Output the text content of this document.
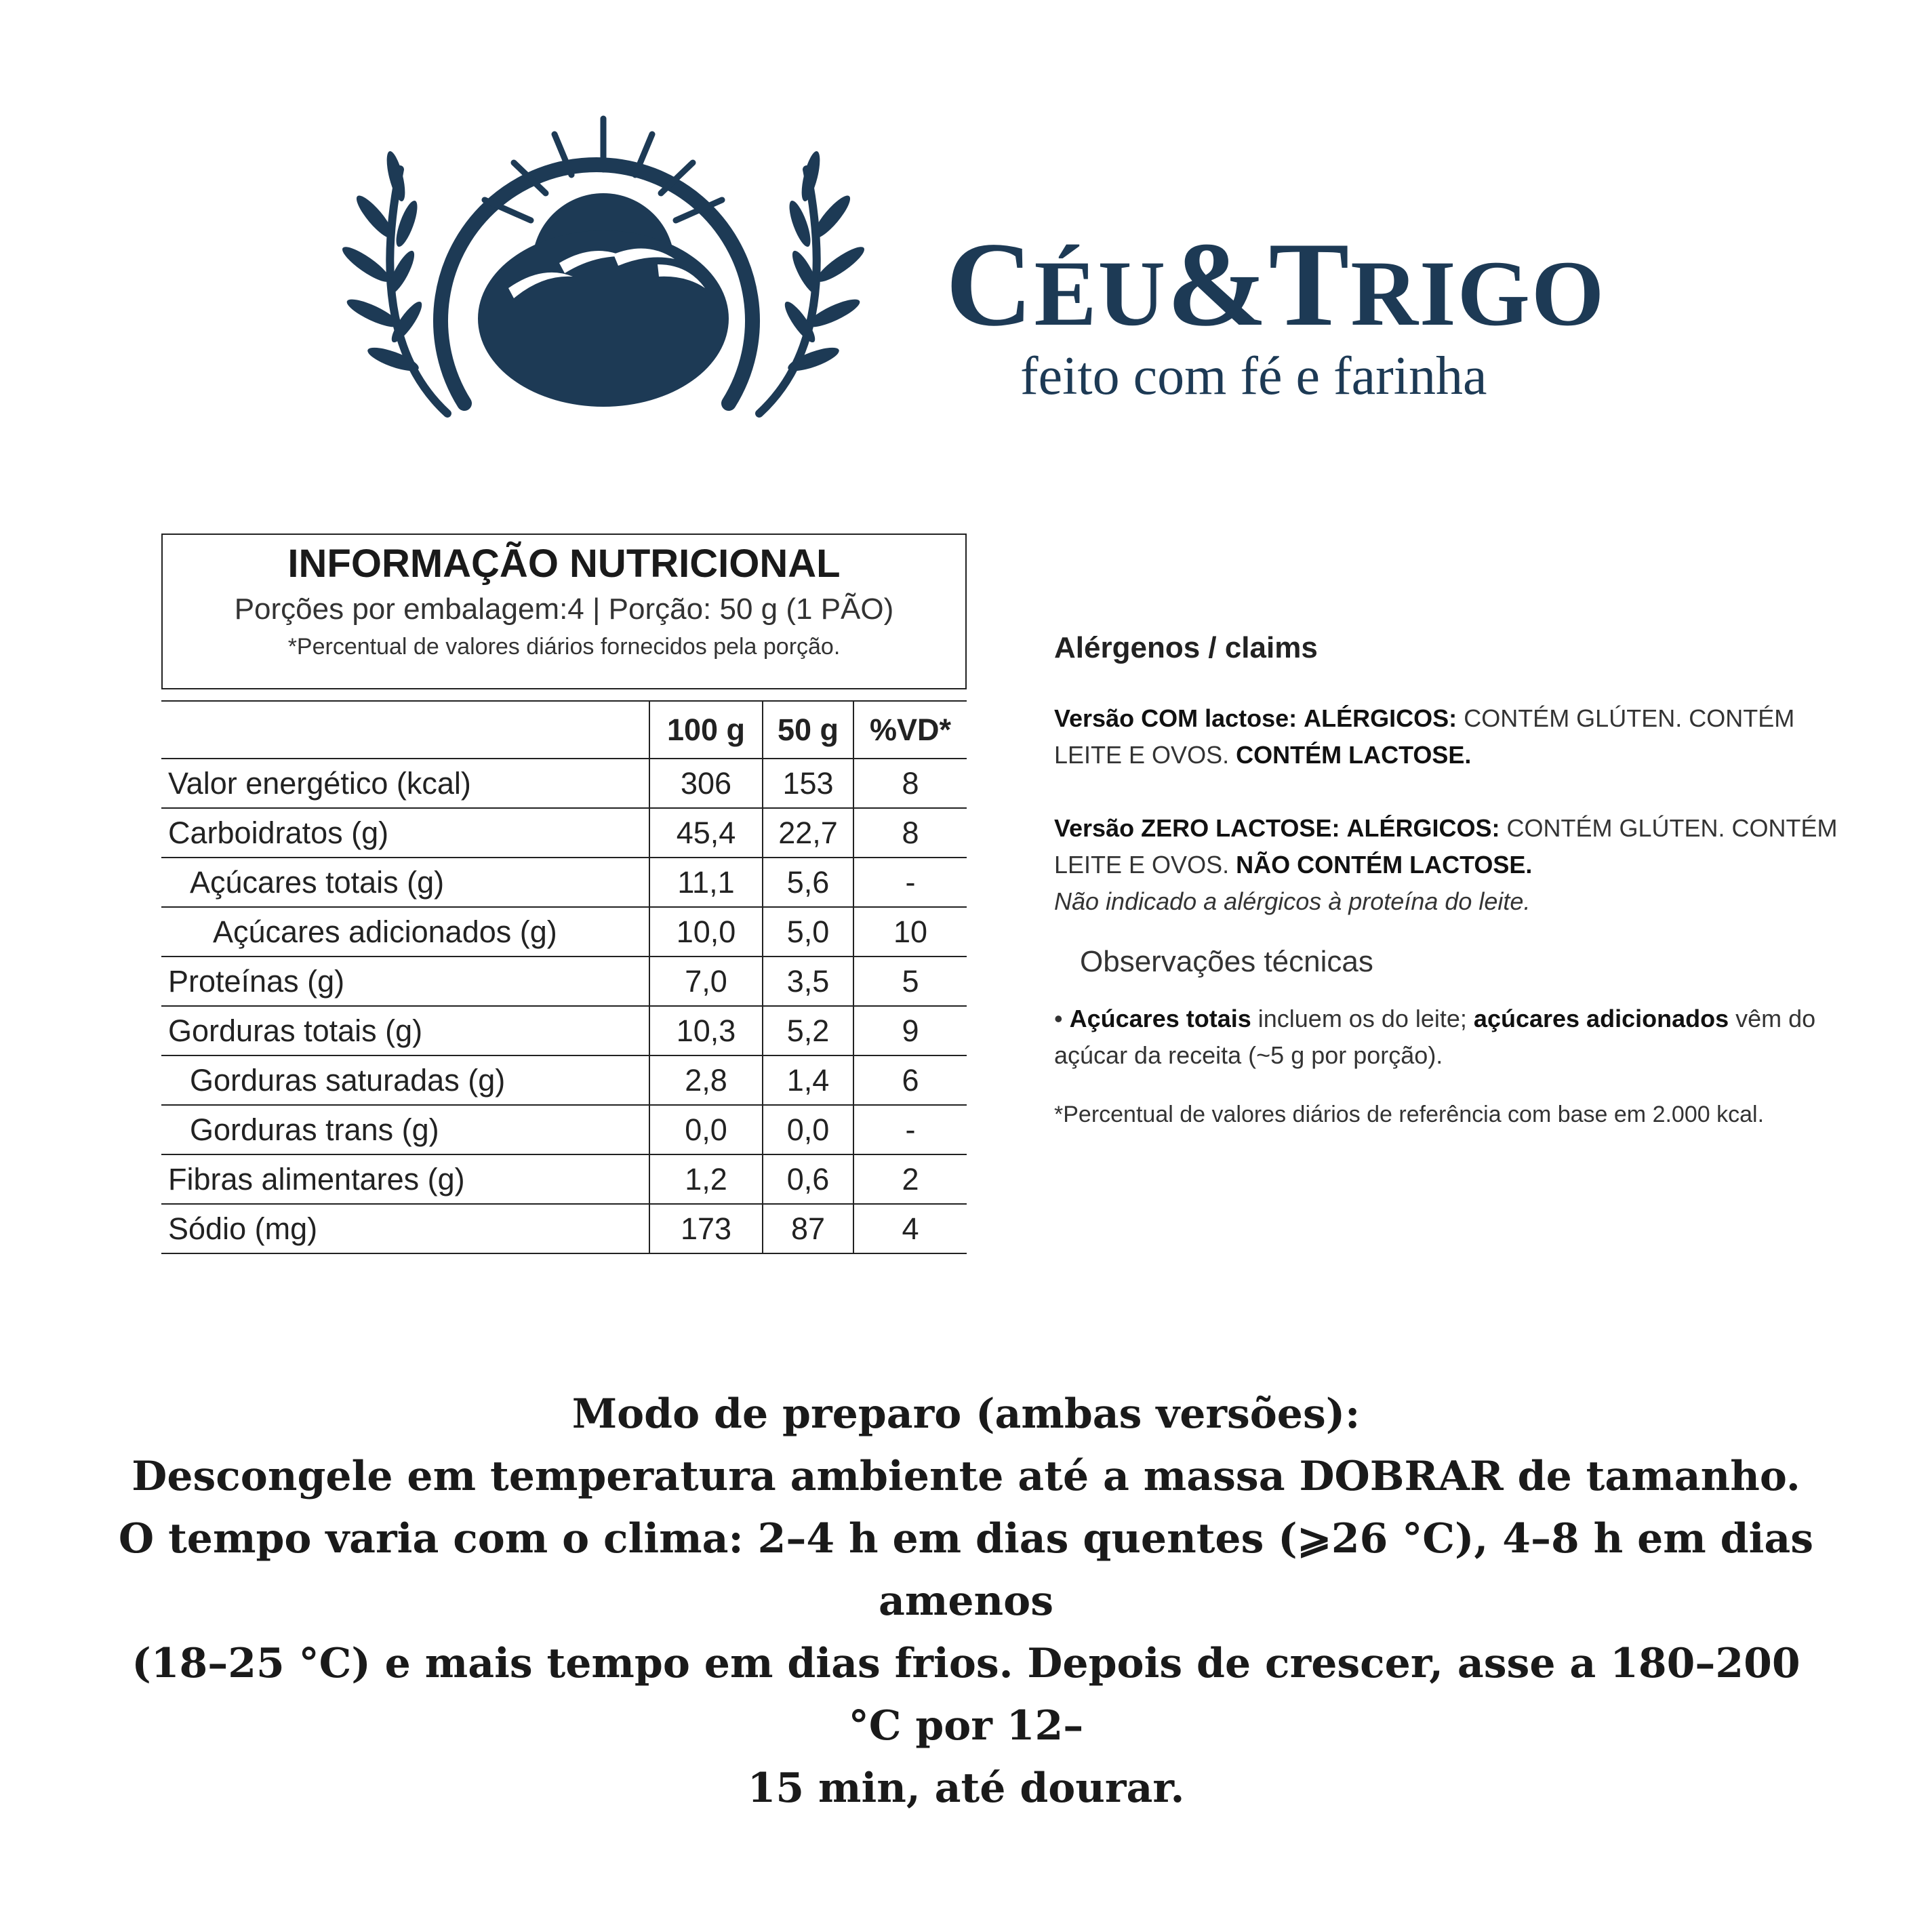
CÉU&TRIGO

feito com fé e farinha

INFORMAÇÃO NUTRICIONAL

Porções por embalagem:4 | Porção: 50 g (1 PÃO)

*Percentual de valores diários fornecidos pela porção.

	100 g	50 g	%VD*
Valor energético (kcal)	306	153	8
Carboidratos (g)	45,4	22,7	8
Açúcares totais (g)	11,1	5,6	-
Açúcares adicionados (g)	10,0	5,0	10
Proteínas (g)	7,0	3,5	5
Gorduras totais (g)	10,3	5,2	9
Gorduras saturadas (g)	2,8	1,4	6
Gorduras trans (g)	0,0	0,0	-
Fibras alimentares (g)	1,2	0,6	2
Sódio (mg)	173	87	4
Alérgenos / claims

Versão COM lactose: ALÉRGICOS: CONTÉM GLÚTEN. CONTÉM LEITE E OVOS. CONTÉM LACTOSE.

Versão ZERO LACTOSE: ALÉRGICOS: CONTÉM GLÚTEN. CONTÉM LEITE E OVOS. NÃO CONTÉM LACTOSE.
Não indicado a alérgicos à proteína do leite.

Observações técnicas

• Açúcares totais incluem os do leite; açúcares adicionados vêm do açúcar da receita (~5 g por porção).

*Percentual de valores diários de referência com base em 2.000 kcal.

Modo de preparo (ambas versões):
Descongele em temperatura ambiente até a massa DOBRAR de tamanho.
O tempo varia com o clima: 2–4 h em dias quentes (⩾26 °C), 4–8 h em dias amenos
(18–25 °C) e mais tempo em dias frios. Depois de crescer, asse a 180–200 °C por 12–
15 min, até dourar.
